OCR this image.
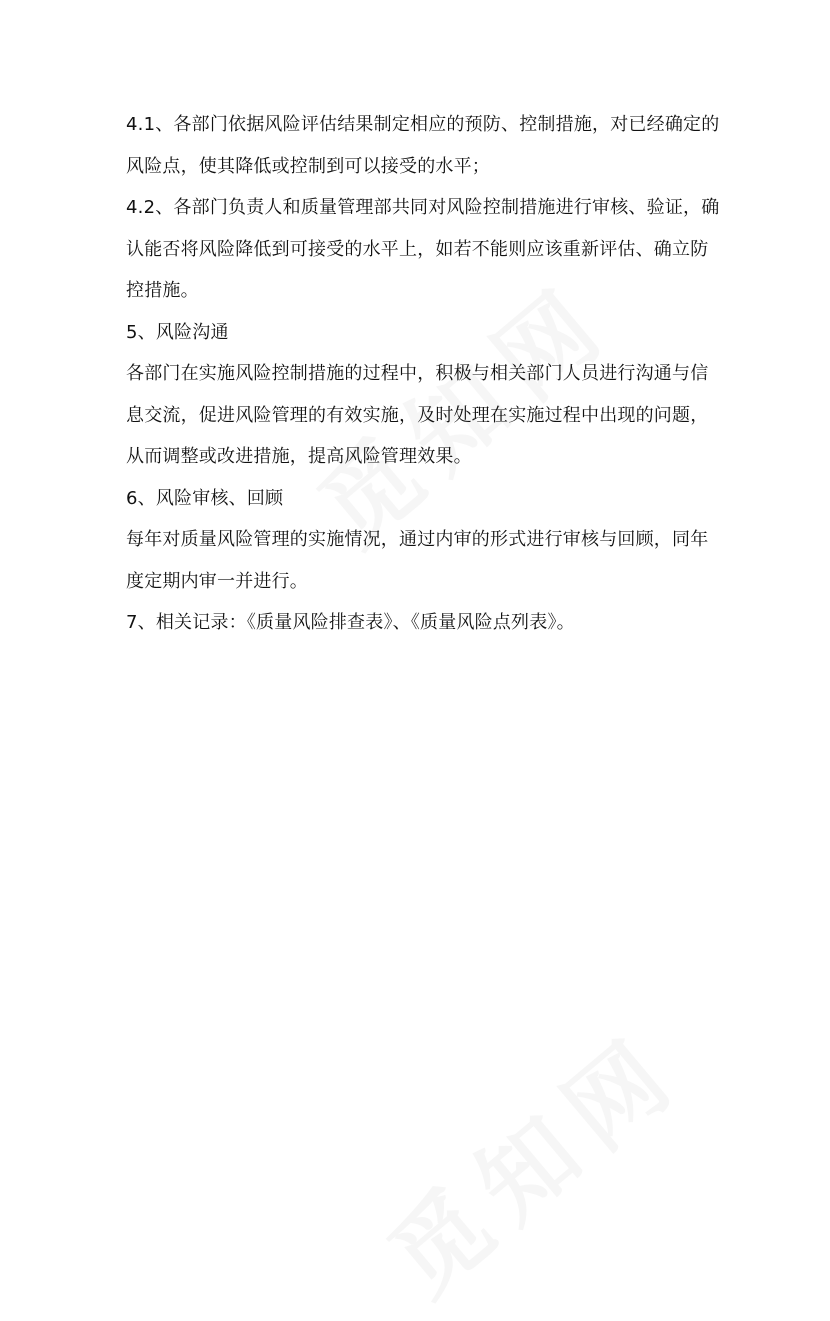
4.1、各部门依据风险评估结果制定相应的预防、控制措施，对已经确定的风险点，使其降低或控制到可以接受的水平；

4.2、各部门负责人和质量管理部共同对风险控制措施进行审核、验证，确认能否将风险降低到可接受的水平上，如若不能则应该重新评估、确立防控措施。

5、风险沟通

各部门在实施风险控制措施的过程中，积极与相关部门人员进行沟通与信息交流，促进风险管理的有效实施，及时处理在实施过程中出现的问题，从而调整或改进措施，提高风险管理效果。

6、风险审核、回顾

每年对质量风险管理的实施情况，通过内审的形式进行审核与回顾，同年度定期内审一并进行。

7、相关记录：《质量风险排查表》、《质量风险点列表》。
